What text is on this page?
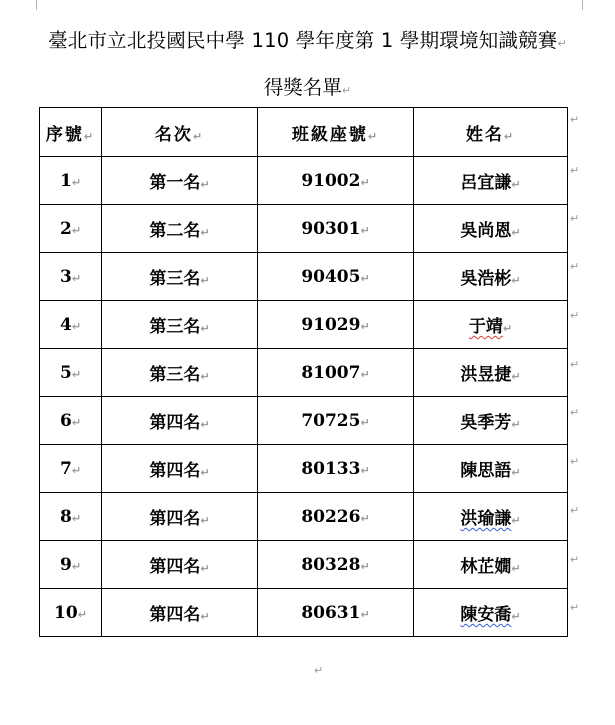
臺北市立北投國民中學 110 學年度第 1 學期環境知識競賽↵
得獎名單↵
序號↵	名次↵	班級座號↵	姓名↵
1↵	第一名↵	91002↵	呂宜謙↵
2↵	第二名↵	90301↵	吳尚恩↵
3↵	第三名↵	90405↵	吳浩彬↵
4↵	第三名↵	91029↵	于靖↵
5↵	第三名↵	81007↵	洪昱捷↵
6↵	第四名↵	70725↵	吳季芳↵
7↵	第四名↵	80133↵	陳思語↵
8↵	第四名↵	80226↵	洪瑜謙↵
9↵	第四名↵	80328↵	林芷嫺↵
10↵	第四名↵	80631↵	陳安喬↵
↵
↵
↵
↵
↵
↵
↵
↵
↵
↵
↵
↵
